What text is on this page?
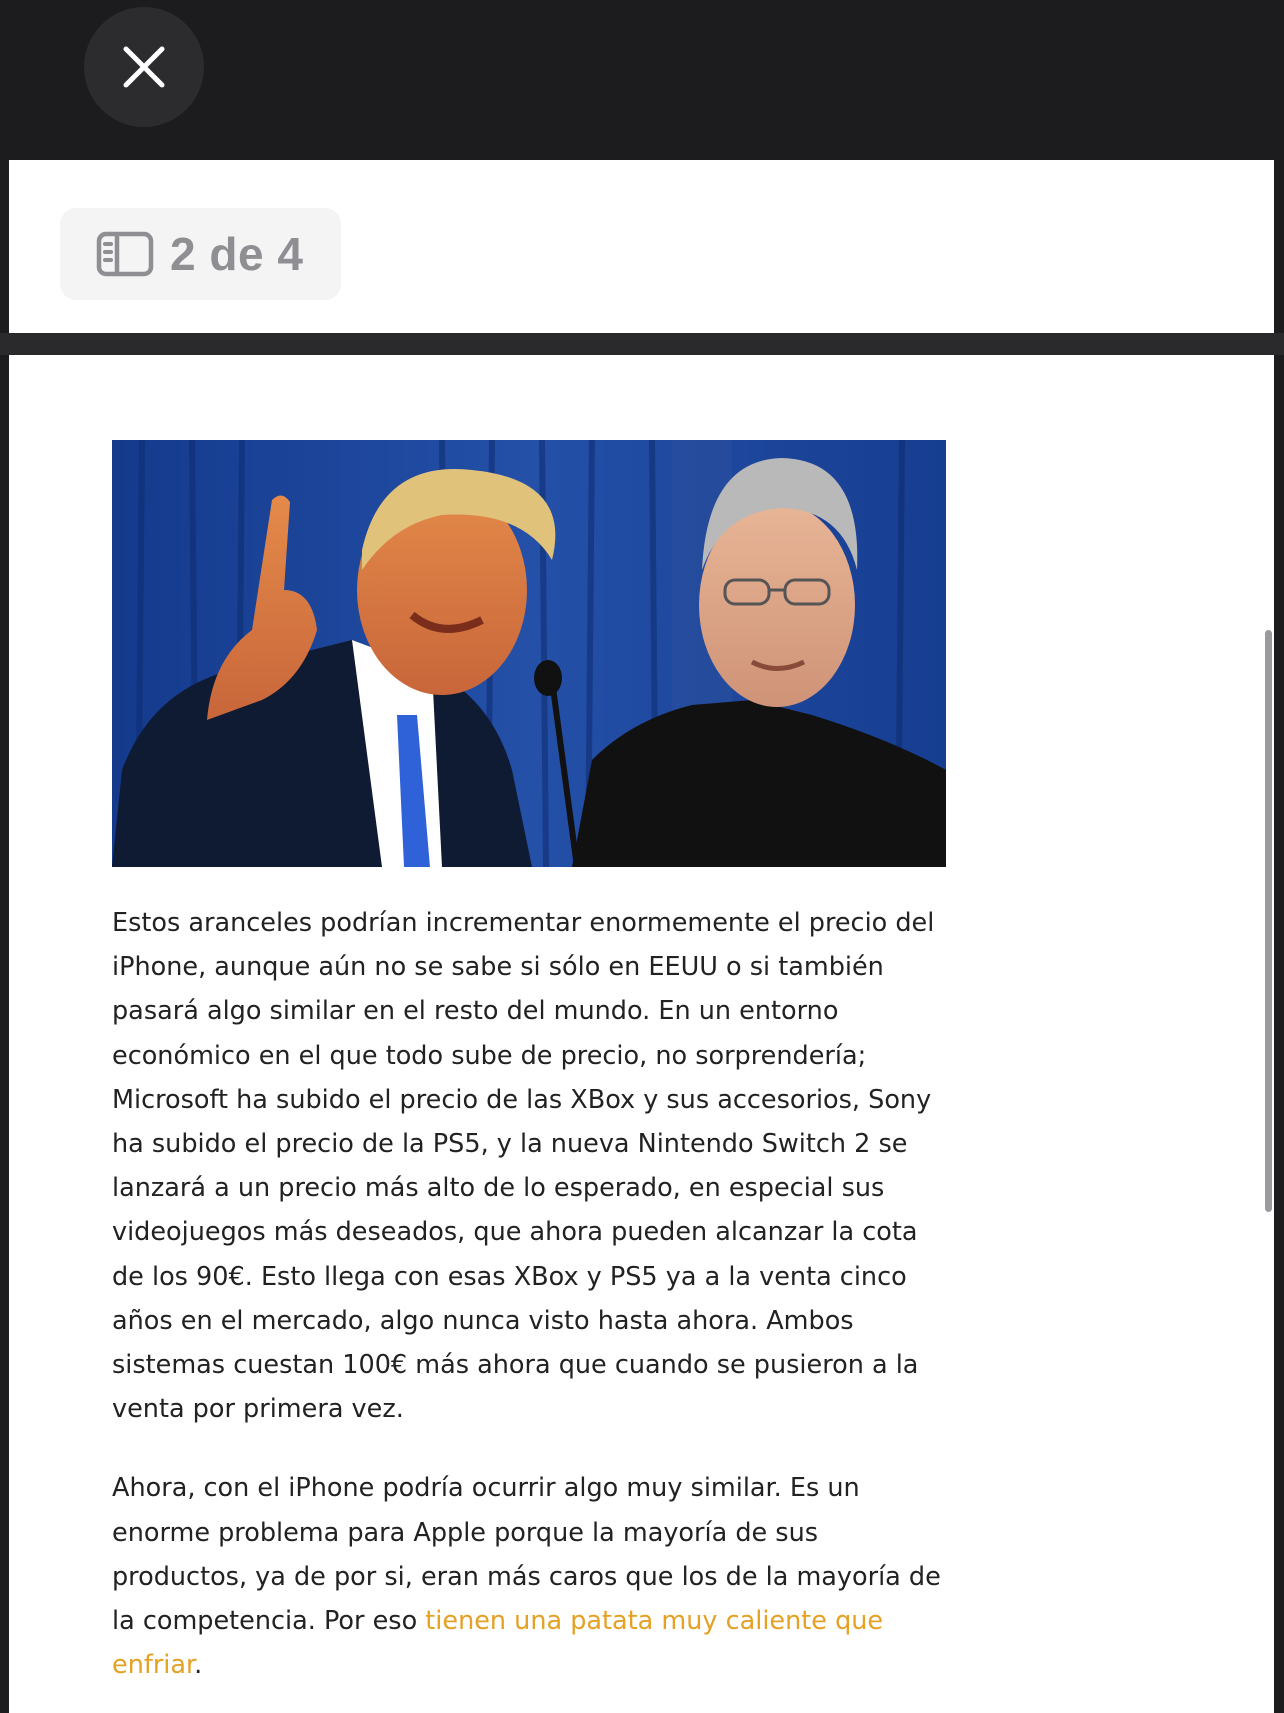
2 de 4

Estos aranceles podrían incrementar enormemente el precio del iPhone, aunque aún no se sabe si sólo en EEUU o si también pasará algo similar en el resto del mundo. En un entorno económico en el que todo sube de precio, no sorprendería; Microsoft ha subido el precio de las XBox y sus accesorios, Sony ha subido el precio de la PS5, y la nueva Nintendo Switch 2 se lanzará a un precio más alto de lo esperado, en especial sus videojuegos más deseados, que ahora pueden alcanzar la cota de los 90€. Esto llega con esas XBox y PS5 ya a la venta cinco años en el mercado, algo nunca visto hasta ahora. Ambos sistemas cuestan 100€ más ahora que cuando se pusieron a la venta por primera vez.

Ahora, con el iPhone podría ocurrir algo muy similar. Es un enorme problema para Apple porque la mayoría de sus productos, ya de por si, eran más caros que los de la mayoría de la competencia. Por eso tienen una patata muy caliente que enfriar.
